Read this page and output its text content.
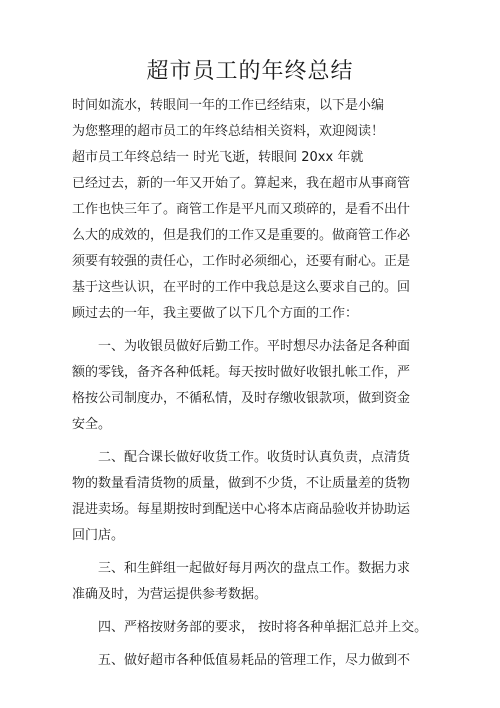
超市员工的年终总结
时间如流水，转眼间一年的工作已经结束，以下是小编
为您整理的超市员工的年终总结相关资料，欢迎阅读！
超市员工年终总结一 时光飞逝，转眼间 20xx 年就
已经过去，新的一年又开始了。算起来，我在超市从事商管
工作也快三年了。商管工作是平凡而又琐碎的，是看不出什
么大的成效的，但是我们的工作又是重要的。做商管工作必
须要有较强的责任心，工作时必须细心，还要有耐心。正是
基于这些认识，在平时的工作中我总是这么要求自己的。回
顾过去的一年，我主要做了以下几个方面的工作：
一、为收银员做好后勤工作。平时想尽办法备足各种面
额的零钱，备齐各种低耗。每天按时做好收银扎帐工作，严
格按公司制度办，不循私情，及时存缴收银款项，做到资金
安全。
二、配合课长做好收货工作。收货时认真负责，点清货
物的数量看清货物的质量，做到不少货，不让质量差的货物
混进卖场。每星期按时到配送中心将本店商品验收并协助运
回门店。
三、和生鲜组一起做好每月两次的盘点工作。数据力求
准确及时，为营运提供参考数据。
四、严格按财务部的要求， 按时将各种单据汇总并上交。
五、做好超市各种低值易耗品的管理工作，尽力做到不
